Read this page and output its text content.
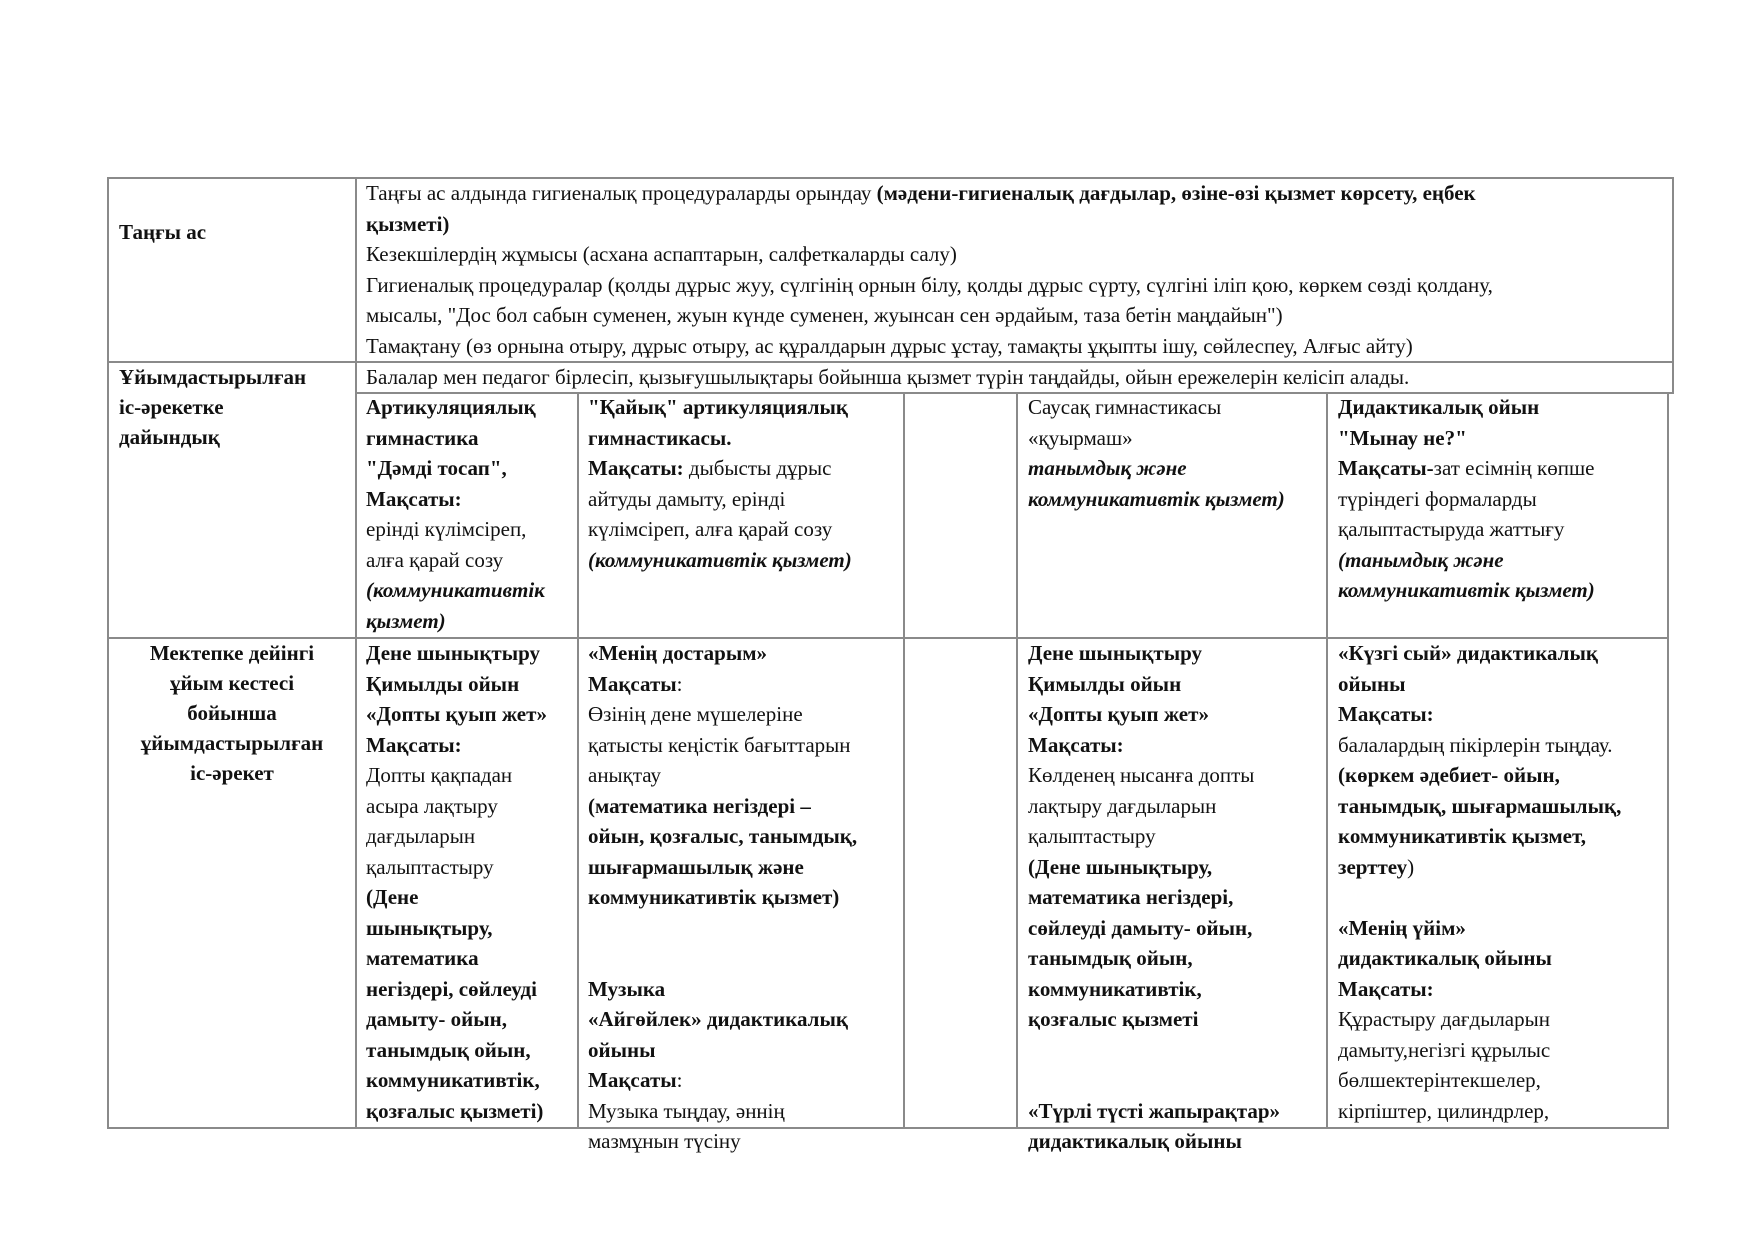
Таңғы ас
Таңғы ас алдында гигиеналық процедураларды орындау (мәдени-гигиеналық дағдылар, өзіне-өзі қызмет көрсету, еңбек
қызметі)
Кезекшілердің жұмысы (асхана аспаптарын, салфеткаларды салу)
Гигиеналық процедуралар (қолды дұрыс жуу, сүлгінің орнын білу, қолды дұрыс сүрту, сүлгіні іліп қою, көркем сөзді қолдану,
мысалы, "Дос бол сабын суменен, жуын күнде суменен, жуынсан сен әрдайым, таза бетін маңдайын")
Тамақтану (өз орнына отыру, дұрыс отыру, ас құралдарын дұрыс ұстау, тамақты ұқыпты ішу, сөйлеспеу, Алғыс айту)
Ұйымдастырылған
іс-әрекетке
дайындық
Балалар мен педагог бірлесіп, қызығушылықтары бойынша қызмет түрін таңдайды, ойын ережелерін келісіп алады.
Артикуляциялық
гимнастика
"Дәмді тосап",
Мақсаты:
ерінді күлімсіреп,
алға қарай созу
(коммуникативтік
қызмет)
"Қайық" артикуляциялық
гимнастикасы.
Мақсаты: дыбысты дұрыс
айтуды дамыту, ерінді
күлімсіреп, алға қарай созу
(коммуникативтік қызмет)
Саусақ гимнастикасы
«қуырмаш»
танымдық және
коммуникативтік қызмет)
Дидактикалық ойын
"Мынау не?"
Мақсаты-зат есімнің көпше
түріндегі формаларды
қалыптастыруда жаттығу
(танымдық және
коммуникативтік қызмет)
Мектепке дейінгі
ұйым кестесі
бойынша
ұйымдастырылған
іс-әрекет
Дене шынықтыру
Қимылды ойын
«Допты қуып жет»
Мақсаты:
Допты қақпадан
асыра лақтыру
дағдыларын
қалыптастыру
(Дене
шынықтыру,
математика
негіздері, сөйлеуді
дамыту- ойын,
танымдық ойын,
коммуникативтік,
қозғалыс қызметі)
«Менің достарым»
Мақсаты:
Өзінің дене мүшелеріне
қатысты кеңістік бағыттарын
анықтау
(математика негіздері –
ойын, қозғалыс, танымдық,
шығармашылық және
коммуникативтік қызмет)

Музыка
«Айгөйлек» дидактикалық
ойыны
Мақсаты:
Музыка тыңдау, әннің
мазмұнын түсіну
Дене шынықтыру
Қимылды ойын
«Допты қуып жет»
Мақсаты:
Көлденең нысанға допты
лақтыру дағдыларын
қалыптастыру
(Дене шынықтыру,
математика негіздері,
сөйлеуді дамыту- ойын,
танымдық ойын,
коммуникативтік,
қозғалыс қызметі

«Түрлі түсті жапырақтар»
дидактикалық ойыны
«Күзгі сый» дидактикалық
ойыны
Мақсаты:
балалардың пікірлерін тыңдау.
(көркем әдебиет- ойын,
танымдық, шығармашылық,
коммуникативтік қызмет,
зерттеу)

«Менің үйім»
дидактикалық ойыны
Мақсаты:
Құрастыру дағдыларын
дамыту,негізгі құрылыс
бөлшектерінтекшелер,
кірпіштер, цилиндрлер,
